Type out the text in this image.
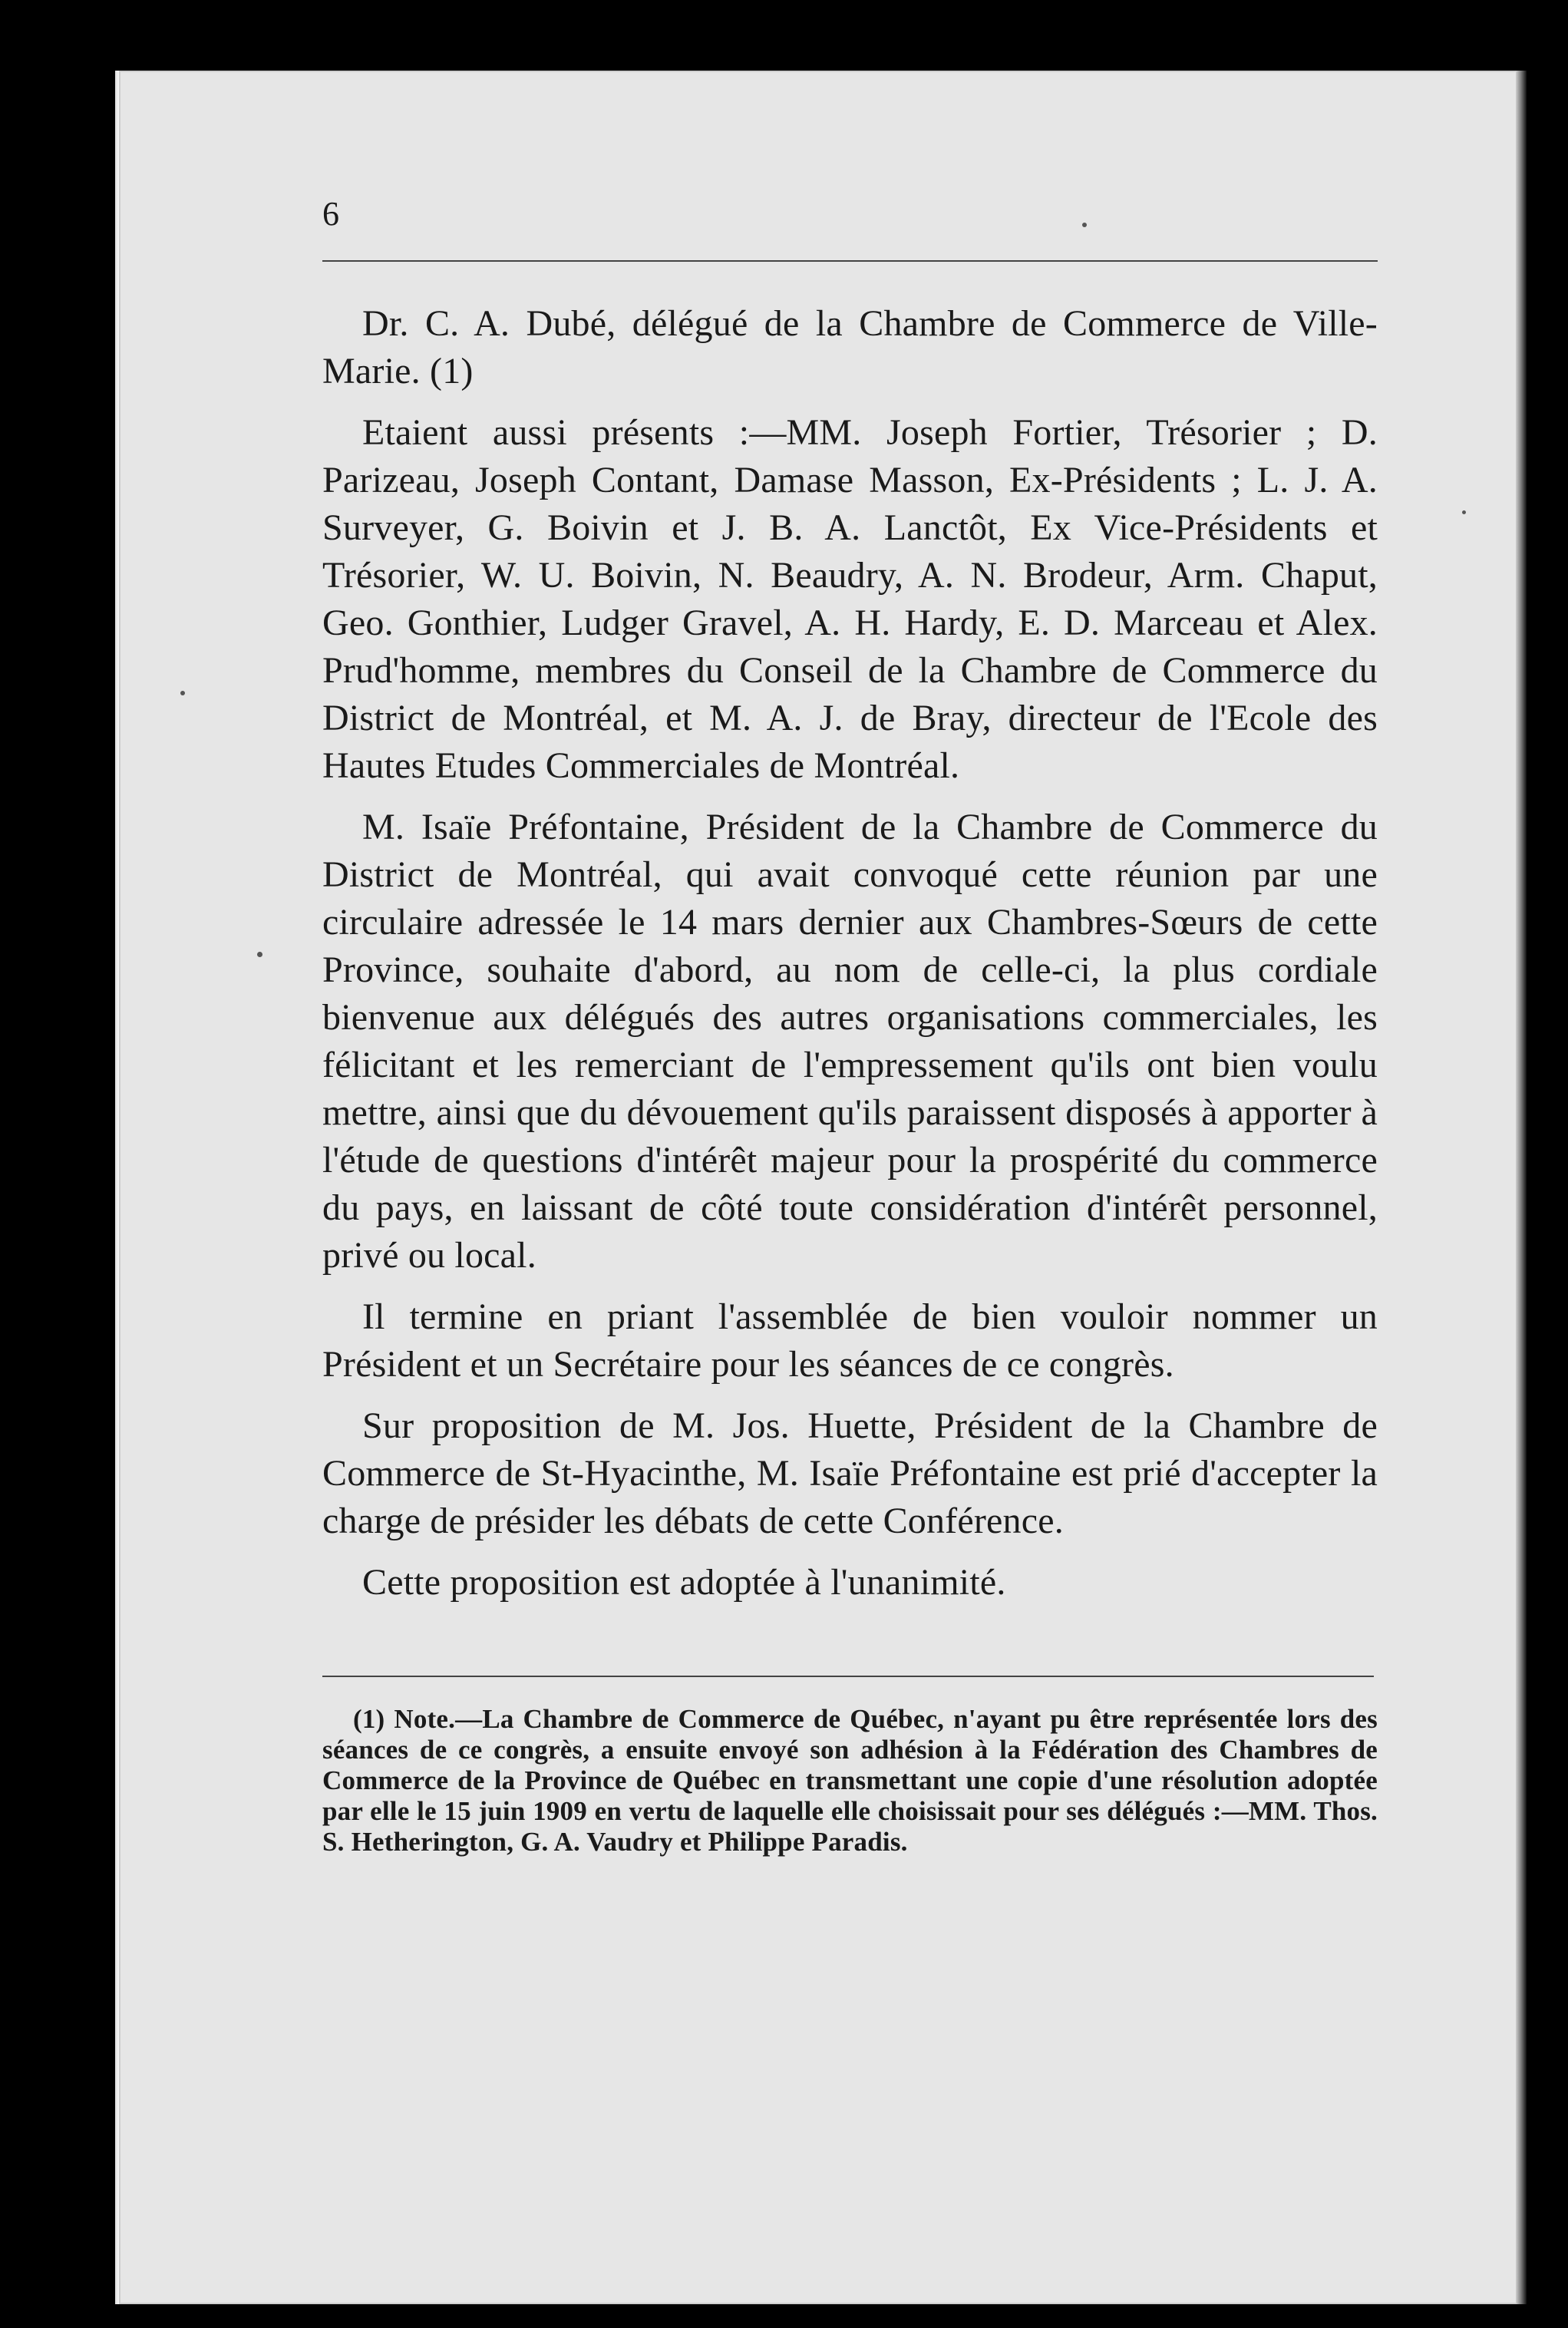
6

Dr. C. A. Dubé, délégué de la Chambre de Commerce de Ville-Marie. (1)

Etaient aussi présents :—MM. Joseph Fortier, Trésorier ; D. Parizeau, Joseph Contant, Damase Masson, Ex-Présidents ; L. J. A. Surveyer, G. Boivin et J. B. A. Lanctôt, Ex Vice-Présidents et Trésorier, W. U. Boivin, N. Beaudry, A. N. Brodeur, Arm. Chaput, Geo. Gonthier, Ludger Gravel, A. H. Hardy, E. D. Marceau et Alex. Prud'homme, membres du Conseil de la Chambre de Commerce du District de Montréal, et M. A. J. de Bray, directeur de l'Ecole des Hautes Etudes Commerciales de Montréal.

M. Isaïe Préfontaine, Président de la Chambre de Commerce du District de Montréal, qui avait convoqué cette réunion par une circulaire adressée le 14 mars dernier aux Chambres-Sœurs de cette Province, souhaite d'abord, au nom de celle-ci, la plus cordiale bienvenue aux délégués des autres organisations commerciales, les félicitant et les remerciant de l'empressement qu'ils ont bien voulu mettre, ainsi que du dévouement qu'ils paraissent disposés à apporter à l'étude de questions d'intérêt majeur pour la prospérité du commerce du pays, en laissant de côté toute considération d'intérêt personnel, privé ou local.

Il termine en priant l'assemblée de bien vouloir nommer un Président et un Secrétaire pour les séances de ce congrès.

Sur proposition de M. Jos. Huette, Président de la Chambre de Commerce de St-Hyacinthe, M. Isaïe Préfontaine est prié d'accepter la charge de présider les débats de cette Conférence.

Cette proposition est adoptée à l'unanimité.

(1) Note.—La Chambre de Commerce de Québec, n'ayant pu être représentée lors des séances de ce congrès, a ensuite envoyé son adhésion à la Fédération des Chambres de Commerce de la Province de Québec en transmettant une copie d'une résolution adoptée par elle le 15 juin 1909 en vertu de laquelle elle choisissait pour ses délégués :—MM. Thos. S. Hetherington, G. A. Vaudry et Philippe Paradis.
